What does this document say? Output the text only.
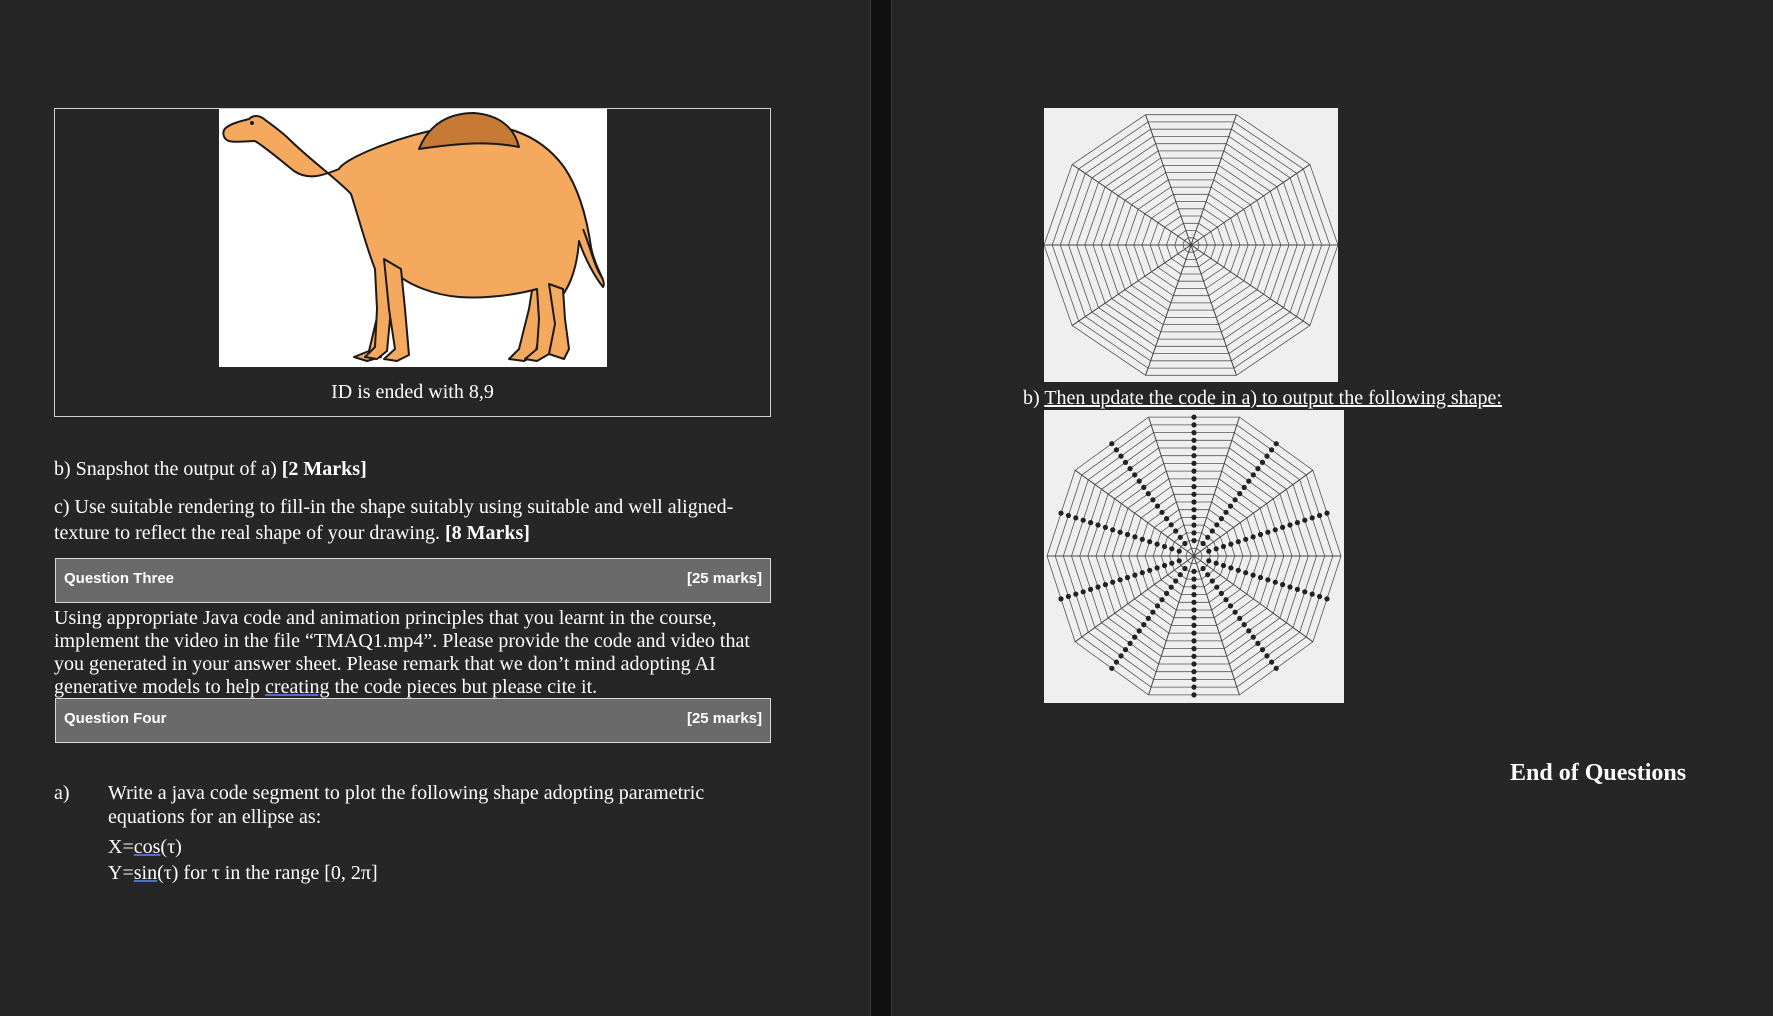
ID is ended with 8,9
b) Snapshot the output of a) [2 Marks]
c) Use suitable rendering to fill-in the shape suitably using suitable and well aligned-
texture to reflect the real shape of your drawing. [8 Marks]
Question Three	[25 marks]
Using appropriate Java code and animation principles that you learnt in the course,
implement the video in the file “TMAQ1.mp4”. Please provide the code and video that
you generated in your answer sheet. Please remark that we don’t mind adopting AI
generative models to help creating the code pieces but please cite it.
Question Four	[25 marks]
a) Write a java code segment to plot the following shape adopting parametric
equations for an ellipse as:
X=cos(τ)
Y=sin(τ) for τ in the range [0, 2π]
b) Then update the code in a) to output the following shape:
End of Questions
